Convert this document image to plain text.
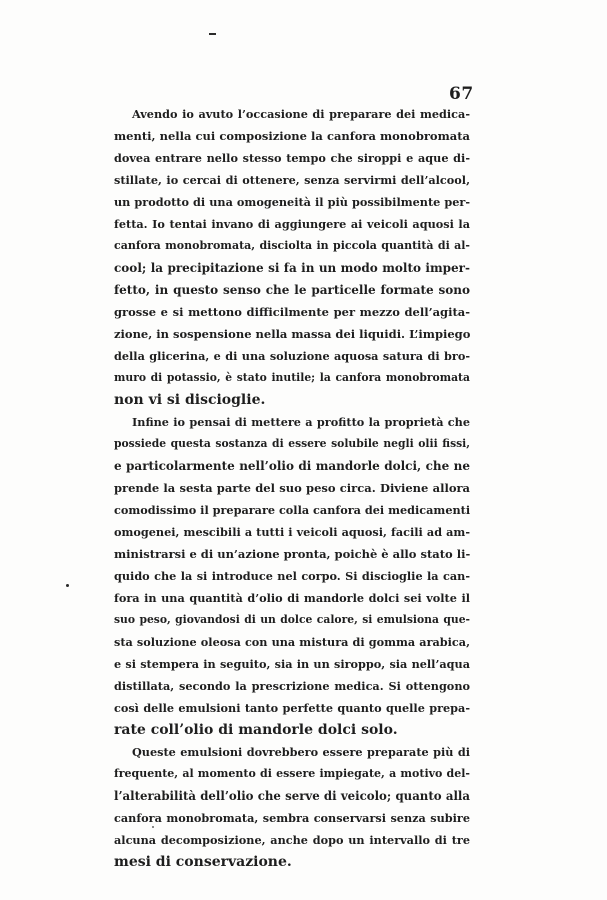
67
Avendo io avuto l’occasione di preparare dei medica-
menti, nella cui composizione la canfora monobromata
dovea entrare nello stesso tempo che siroppi e aque di-
stillate, io cercai di ottenere, senza servirmi dell’alcool,
un prodotto di una omogeneità il più possibilmente per-
fetta. Io tentai invano di aggiungere ai veicoli aquosi la
canfora monobromata, disciolta in piccola quantità di al-
cool; la precipitazione si fa in un modo molto imper-
fetto, in questo senso che le particelle formate sono
grosse e si mettono difficilmente per mezzo dell’agita-
zione, in sospensione nella massa dei liquidi. L’impiego
della glicerina, e di una soluzione aquosa satura di bro-
muro di potassio, è stato inutile; la canfora monobromata
non vi si discioglie.
Infine io pensai di mettere a profitto la proprietà che
possiede questa sostanza di essere solubile negli olii fissi,
e particolarmente nell’olio di mandorle dolci, che ne
prende la sesta parte del suo peso circa. Diviene allora
comodissimo il preparare colla canfora dei medicamenti
omogenei, mescibili a tutti i veicoli aquosi, facili ad am-
ministrarsi e di un’azione pronta, poichè è allo stato li-
quido che la si introduce nel corpo. Si discioglie la can-
fora in una quantità d’olio di mandorle dolci sei volte il
suo peso, giovandosi di un dolce calore, si emulsiona que-
sta soluzione oleosa con una mistura di gomma arabica,
e si stempera in seguito, sia in un siroppo, sia nell’aqua
distillata, secondo la prescrizione medica. Si ottengono
così delle emulsioni tanto perfette quanto quelle prepa-
rate coll’olio di mandorle dolci solo.
Queste emulsioni dovrebbero essere preparate più di
frequente, al momento di essere impiegate, a motivo del-
l’alterabilità dell’olio che serve di veicolo; quanto alla
canfora monobromata, sembra conservarsi senza subire
alcuna decomposizione, anche dopo un intervallo di tre
mesi di conservazione.
